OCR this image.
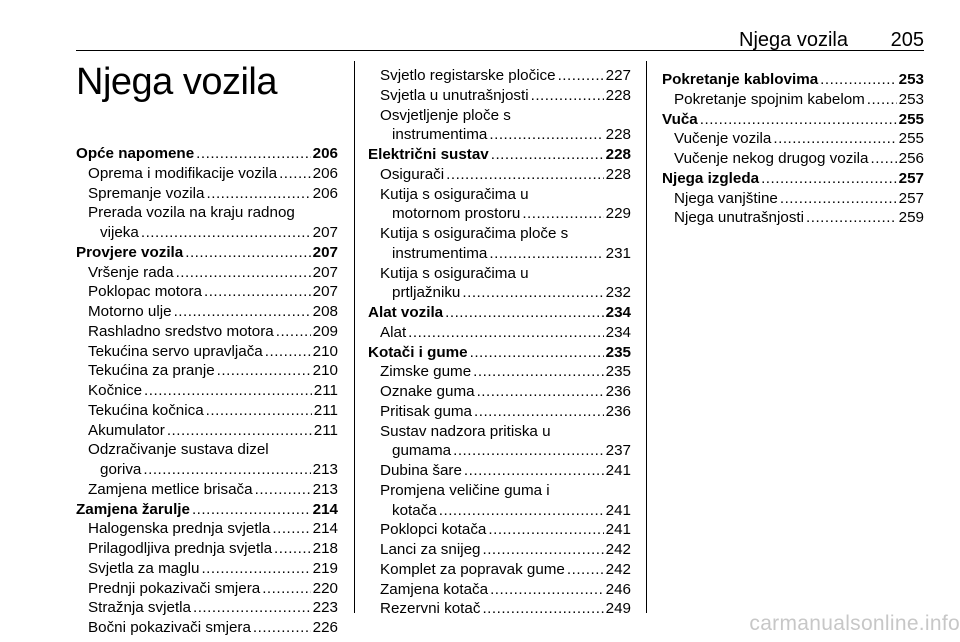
Njega vozila 205
Njega vozila
Opće napomene .....	206
Oprema i modifikacije vozila ..... 206
Spremanje vozila .....	206
Prerada vozila na kraju radnog
vijeka .....	207
Provjere vozila .....	207
Vršenje rada .....	207
Poklopac motora .....	207
Motorno ulje .....	208
Rashladno sredstvo motora .....	209
Tekućina servo upravljača .....	210
Tekućina za pranje .....	210
Kočnice .....	211
Tekućina kočnica .....	211
Akumulator .....	211
Odzračivanje sustava dizel
goriva .....	213
Zamjena metlice brisača .....	213
Zamjena žarulje .....	214
Halogenska prednja svjetla .....	214
Prilagodljiva prednja svjetla .....	218
Svjetla za maglu .....	219
Prednji pokazivači smjera .....	220
Stražnja svjetla .....	223
Bočni pokazivači smjera .....	226
Svjetlo registarske pločice .....	227
Svjetla u unutrašnjosti .....	228
Osvjetljenje ploče s
instrumentima .....	228
Električni sustav .....	228
Osigurači .....	228
Kutija s osiguračima u
motornom prostoru .....	229
Kutija s osiguračima ploče s
instrumentima .....	231
Kutija s osiguračima u
prtljažniku .....	232
Alat vozila .....	234
Alat .....	234
Kotači i gume .....	235
Zimske gume .....	235
Oznake guma .....	236
Pritisak guma .....	236
Sustav nadzora pritiska u
gumama .....	237
Dubina šare .....	241
Promjena veličine guma i
kotača .....	241
Poklopci kotača .....	241
Lanci za snijeg .....	242
Komplet za popravak gume .....	242
Zamjena kotača .....	246
Rezervni kotač .....	249
Pokretanje kablovima .....	253
Pokretanje spojnim kabelom ..... 253
Vuča .....	255
Vučenje vozila .....	255
Vučenje nekog drugog vozila ..... 256
Njega izgleda .....	257
Njega vanjštine .....	257
Njega unutrašnjosti .....	259
carmanualsonline.info
